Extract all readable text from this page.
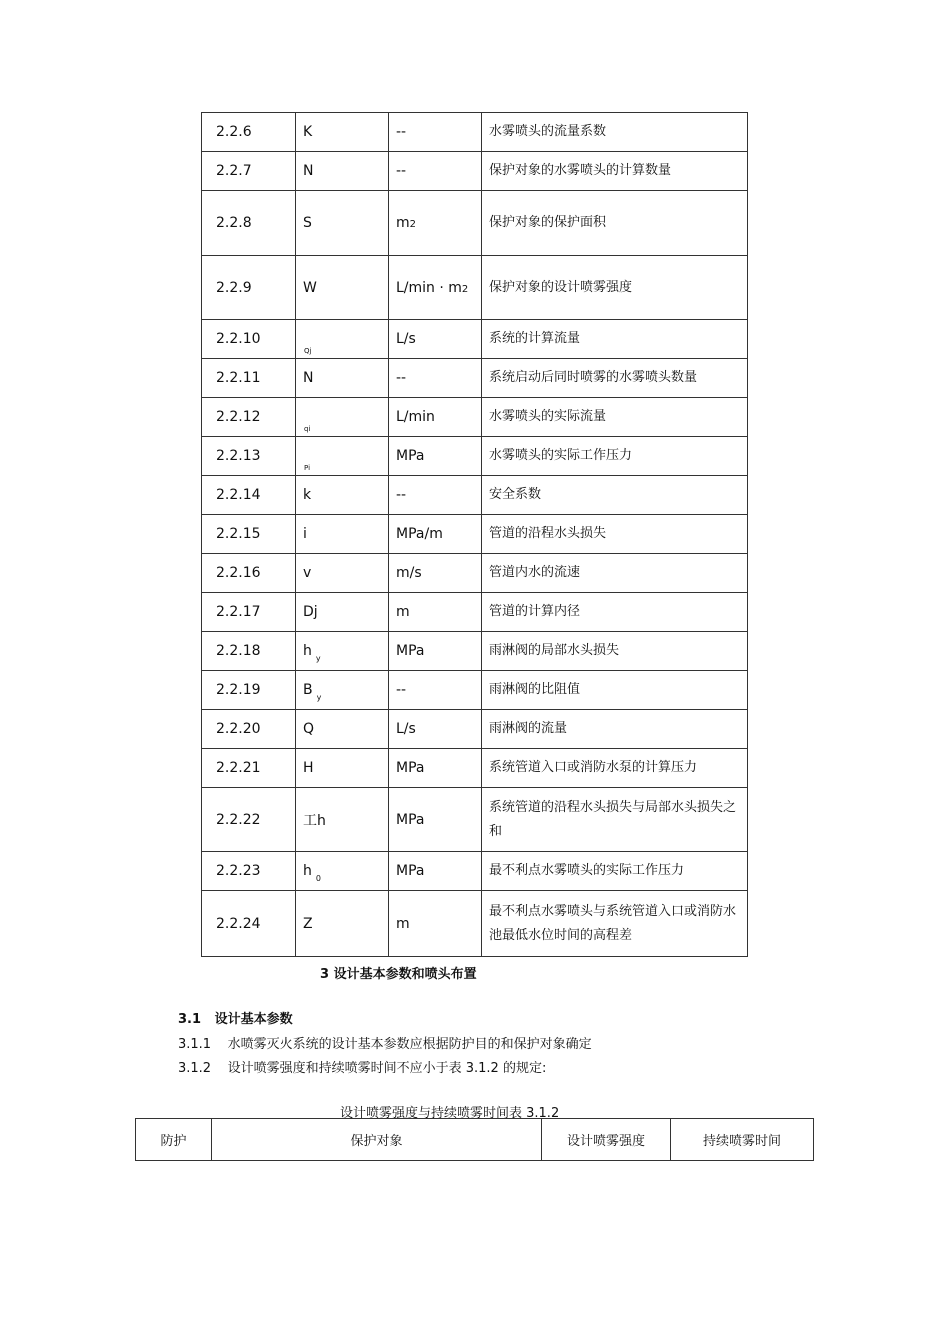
2.2.6	K	--	水雾喷头的流量系数
2.2.7	N	--	保护对象的水雾喷头的计算数量
2.2.8	S	m2	保护对象的保护面积
2.2.9	W	L/min · m2	保护对象的设计喷雾强度
2.2.10	Qj	L/s	系统的计算流量
2.2.11	N	--	系统启动后同时喷雾的水雾喷头数量
2.2.12	qi	L/min	水雾喷头的实际流量
2.2.13	Pi	MPa	水雾喷头的实际工作压力
2.2.14	k	--	安全系数
2.2.15	i	MPa/m	管道的沿程水头损失
2.2.16	v	m/s	管道内水的流速
2.2.17	Dj	m	管道的计算内径
2.2.18	h $_y$	MPa	雨淋阀的局部水头损失
2.2.19	B $_y$	--	雨淋阀的比阻值
2.2.20	Q	L/s	雨淋阀的流量
2.2.21	H	MPa	系统管道入口或消防水泵的计算压力
2.2.22	工h	MPa	系统管道的沿程水头损失与局部水头损失之和
2.2.23	h $_0$	MPa	最不利点水雾喷头的实际工作压力
2.2.24	Z	m	最不利点水雾喷头与系统管道入口或消防水池最低水位时间的高程差
3 设计基本参数和喷头布置
3.1 设计基本参数
3.1.1 水喷雾灭火系统的设计基本参数应根据防护目的和保护对象确定
3.1.2 设计喷雾强度和持续喷雾时间不应小于表 3.1.2 的规定:
设计喷雾强度与持续喷雾时间表 3.1.2
防护	保护对象	设计喷雾强度	持续喷雾时间
